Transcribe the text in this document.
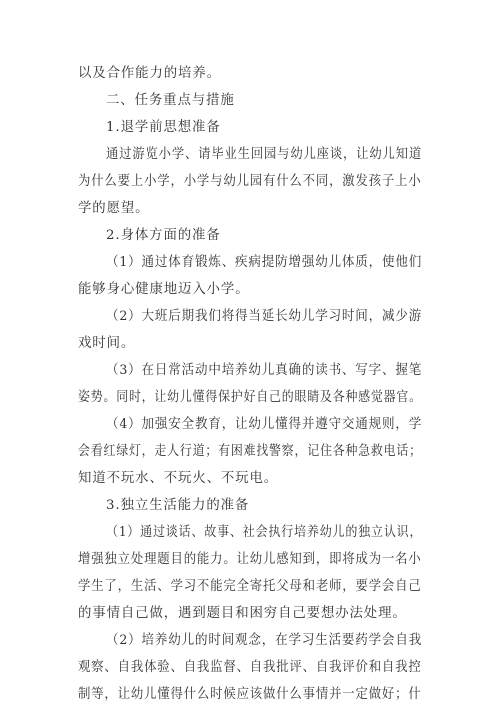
以及合作能力的培养。
二、任务重点与措施
1.退学前思想准备
通过游览小学、请毕业生回园与幼儿座谈，让幼儿知道
为什么要上小学，小学与幼儿园有什么不同，激发孩子上小
学的愿望。
2.身体方面的准备
（1）通过体育锻炼、疾病提防增强幼儿体质，使他们
能够身心健康地迈入小学。
（2）大班后期我们将得当延长幼儿学习时间，减少游
戏时间。
（3）在日常活动中培养幼儿真确的读书、写字、握笔
姿势。同时，让幼儿懂得保护好自己的眼睛及各种感觉器官。
（4）加强安全教育，让幼儿懂得并遵守交通规则，学
会看红绿灯，走人行道；有困难找警察，记住各种急救电话；
知道不玩水、不玩火、不玩电。
3.独立生活能力的准备
（1）通过谈话、故事、社会执行培养幼儿的独立认识，
增强独立处理题目的能力。让幼儿感知到，即将成为一名小
学生了，生活、学习不能完全寄托父母和老师，要学会自己
的事情自己做，遇到题目和困穷自己要想办法处理。
（2）培养幼儿的时间观念，在学习生活要药学会自我
观察、自我体验、自我监督、自我批评、自我评价和自我控
制等，让幼儿懂得什么时候应该做什么事情并一定做好；什
